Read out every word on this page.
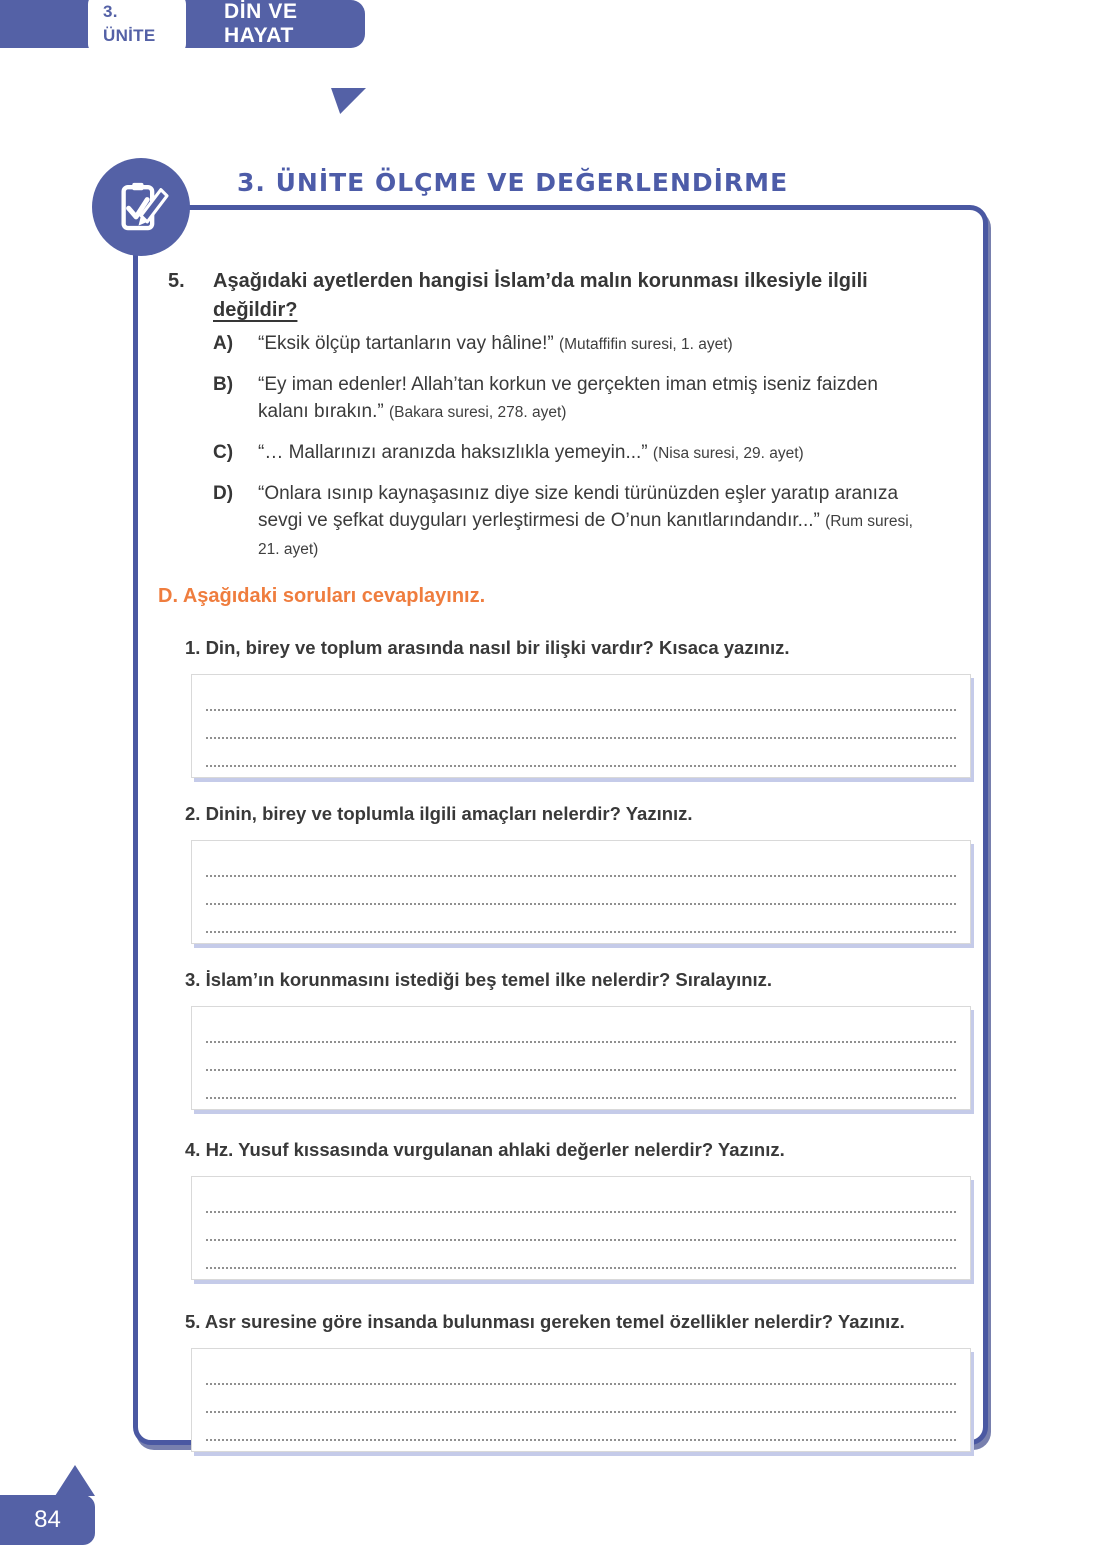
3. ÜNİTE
DİN VE HAYAT
3. ÜNİTE ÖLÇME VE DEĞERLENDİRME
5.	Aşağıdaki ayetlerden hangisi İslam’da malın korunması ilkesiyle ilgili değildir?
A)	“Eksik ölçüp tartanların vay hâline!” (Mutaffifin suresi, 1. ayet)
B)	“Ey iman edenler! Allah’tan korkun ve gerçekten iman etmiş iseniz faizden kalanı bırakın.” (Bakara suresi, 278. ayet)
C)	“… Mallarınızı aranızda haksızlıkla yemeyin...” (Nisa suresi, 29. ayet)
D)	“Onlara ısınıp kaynaşasınız diye size kendi türünüzden eşler yaratıp aranıza sevgi ve şefkat duyguları yerleştirmesi de O’nun kanıtlarındandır...” (Rum suresi, 21. ayet)
D. Aşağıdaki soruları cevaplayınız.
1. Din, birey ve toplum arasında nasıl bir ilişki vardır? Kısaca yazınız.
2. Dinin, birey ve toplumla ilgili amaçları nelerdir? Yazınız.
3. İslam’ın korunmasını istediği beş temel ilke nelerdir? Sıralayınız.
4. Hz. Yusuf kıssasında vurgulanan ahlaki değerler nelerdir? Yazınız.
5. Asr suresine göre insanda bulunması gereken temel özellikler nelerdir? Yazınız.
84
